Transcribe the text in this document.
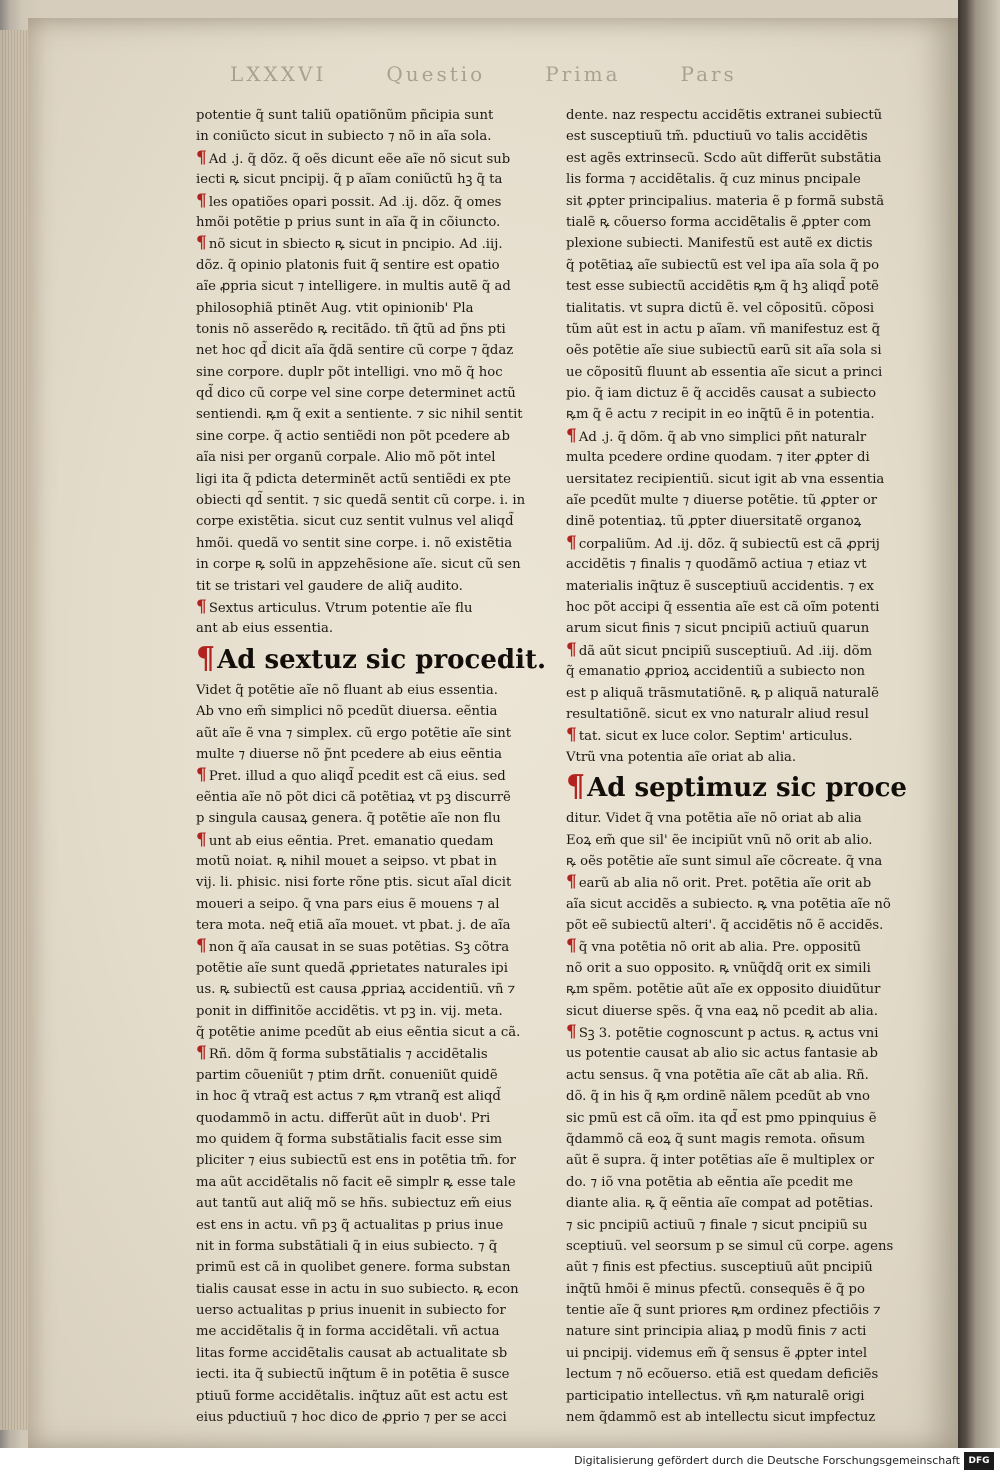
LXXXVI	Questio	Prima	Pars
potentie q̃ sunt taliũ opatiõnũm pñcipia sunt
in coniũcto sicut in subiecto ⁊ nõ in aĩa sola.
¶ Ad .j. q̃ dõz. q̃ oẽs dicunt eẽe aĩe nõ sicut sub
iecti ꝶ sicut pncipij. q̃ p aĩam coniũctũ hꝫ q̃ ta
¶ les opatiões opari possit. Ad .ij. dõz. q̃ omes
hmõi potẽtie p prius sunt in aĩa q̃ in cõiuncto.
¶ nõ sicut in sbiecto ꝶ sicut in pncipio. Ad .iij.
dõz. q̃ opinio platonis fuit q̃ sentire est opatio
aĩe ꝓpria sicut ⁊ intelligere. in multis autẽ q̃ ad
philosophiã ptinẽt Aug. vtit opinionib' Pla
tonis nõ asserẽdo ꝶ recitãdo. tñ q̃tũ ad p̃ns pti
net hoc qd̃ dicit aĩa q̃dã sentire cũ corpe ⁊ q̃daz
sine corpore. duplr põt intelligi. vno mõ q̃ hoc
qd̃ dico cũ corpe vel sine corpe determinet actũ
sentiendi. ꝶm q̃ exit a sentiente. ⁊ sic nihil sentit
sine corpe. q̃ actio sentiẽdi non põt pcedere ab
aĩa nisi per organũ corpale. Alio mõ põt intel
ligi ita q̃ pdicta determinẽt actũ sentiẽdi ex pte
obiecti qd̃ sentit. ⁊ sic quedã sentit cũ corpe. i. in
corpe existẽtia. sicut cuz sentit vulnus vel aliqd̃
hmõi. quedã vo sentit sine corpe. i. nõ existẽtia
in corpe ꝶ solũ in appzehẽsione aĩe. sicut cũ sen
tit se tristari vel gaudere de aliq̃ audito.
¶ Sextus articulus. Vtrum potentie aĩe flu
ant ab eius essentia.
¶Ad sextuz sic procedit.
Videt q̃ potẽtie aĩe nõ fluant ab eius essentia.
Ab vno em̃ simplici nõ pcedũt diuersa. eẽntia
aũt aĩe ẽ vna ⁊ simplex. cũ ergo potẽtie aĩe sint
multe ⁊ diuerse nõ p̃nt pcedere ab eius eẽntia
¶ Pret. illud a quo aliqd̃ pcedit est cã eius. sed
eẽntia aĩe nõ põt dici cã potẽtiaꝝ vt pꝫ discurrẽ
p singula causaꝝ genera. q̃ potẽtie aĩe non flu
¶ unt ab eius eẽntia. Pret. emanatio quedam
motũ noiat. ꝶ nihil mouet a seipso. vt pbat in
vij. li. phisic. nisi forte rõne ptis. sicut aĩal dicit
moueri a seipo. q̃ vna pars eius ẽ mouens ⁊ al
tera mota. neq̃ etiã aĩa mouet. vt pbat. j. de aĩa
¶ non q̃ aĩa causat in se suas potẽtias. Sꝫ cõtra
potẽtie aĩe sunt quedã ꝓprietates naturales ipi
us. ꝶ subiectũ est causa ꝓpriaꝝ accidentiũ. vñ ⁊
ponit in diffinitõe accidẽtis. vt pꝫ in. vij. meta.
q̃ potẽtie anime pcedũt ab eius eẽntia sicut a cã.
¶ Rñ. dõm q̃ forma substãtialis ⁊ accidẽtalis
partim cõueniũt ⁊ ptim drñt. conueniũt quidẽ
in hoc q̃ vtraq̃ est actus ⁊ ꝶm vtranq̃ est aliqd̃
quodammõ in actu. differũt aũt in duob'. Pri
mo quidem q̃ forma substãtialis facit esse sim
pliciter ⁊ eius subiectũ est ens in potẽtia tm̃. for
ma aũt accidẽtalis nõ facit eẽ simplr ꝶ esse tale
aut tantũ aut aliq̃ mõ se hñs. subiectuz em̃ eius
est ens in actu. vñ pꝫ q̃ actualitas p prius inue
nit in forma substãtiali q̃ in eius subiecto. ⁊ q̃
primũ est cã in quolibet genere. forma substan
tialis causat esse in actu in suo subiecto. ꝶ econ
uerso actualitas p prius inuenit in subiecto for
me accidẽtalis q̃ in forma accidẽtali. vñ actua
litas forme accidẽtalis causat ab actualitate sb
iecti. ita q̃ subiectũ inq̃tum ẽ in potẽtia ẽ susce
ptiuũ forme accidẽtalis. inq̃tuz aũt est actu est
eius pductiuũ ⁊ hoc dico de ꝓprio ⁊ per se acci
dente. naz respectu accidẽtis extranei subiectũ
est susceptiuũ tm̃. pductiuũ vo talis accidẽtis
est agẽs extrinsecũ. Scdo aũt differũt substãtia
lis forma ⁊ accidẽtalis. q̃ cuz minus pncipale
sit ꝓpter principalius. materia ẽ p formã substã
tialẽ ꝶ cõuerso forma accidẽtalis ẽ ꝓpter com
plexione subiecti. Manifestũ est autẽ ex dictis
q̃ potẽtiaꝝ aĩe subiectũ est vel ipa aĩa sola q̃ po
test esse subiectũ accidẽtis ꝶm q̃ hꝫ aliqd̃ potẽ
tialitatis. vt supra dictũ ẽ. vel cõpositũ. cõposi
tũm aũt est in actu p aĩam. vñ manifestuz est q̃
oẽs potẽtie aĩe siue subiectũ earũ sit aĩa sola si
ue cõpositũ fluunt ab essentia aĩe sicut a princi
pio. q̃ iam dictuz ẽ q̃ accidẽs causat a subiecto
ꝶm q̃ ẽ actu ⁊ recipit in eo inq̃tũ ẽ in potentia.
¶ Ad .j. q̃ dõm. q̃ ab vno simplici pñt naturalr
multa pcedere ordine quodam. ⁊ iter ꝓpter di
uersitatez recipientiũ. sicut igit ab vna essentia
aĩe pcedũt multe ⁊ diuerse potẽtie. tũ ꝓpter or
dinẽ potentiaꝝ. tũ ꝓpter diuersitatẽ organoꝝ
¶ corpaliũm. Ad .ij. dõz. q̃ subiectũ est cã ꝓprij
accidẽtis ⁊ finalis ⁊ quodãmõ actiua ⁊ etiaz vt
materialis inq̃tuz ẽ susceptiuũ accidentis. ⁊ ex
hoc põt accipi q̃ essentia aĩe est cã oĩm potenti
arum sicut finis ⁊ sicut pncipiũ actiuũ quarun
¶ dã aũt sicut pncipiũ susceptiuũ. Ad .iij. dõm
q̃ emanatio ꝓprioꝝ accidentiũ a subiecto non
est p aliquã trãsmutatiõnẽ. ꝶ p aliquã naturalẽ
resultatiõnẽ. sicut ex vno naturalr aliud resul
¶ tat. sicut ex luce color. Septim' articulus.
Vtrũ vna potentia aĩe oriat ab alia.
¶Ad septimuz sic proce
ditur. Videt q̃ vna potẽtia aĩe nõ oriat ab alia
Eoꝝ em̃ que sil' ẽe incipiũt vnũ nõ orit ab alio.
ꝶ oẽs potẽtie aĩe sunt simul aĩe cõcreate. q̃ vna
¶ earũ ab alia nõ orit. Pret. potẽtia aĩe orit ab
aĩa sicut accidẽs a subiecto. ꝶ vna potẽtia aĩe nõ
põt eẽ subiectũ alteri'. q̃ accidẽtis nõ ẽ accidẽs.
¶ q̃ vna potẽtia nõ orit ab alia. Pre. oppositũ
nõ orit a suo opposito. ꝶ vnũq̃dq̃ orit ex simili
ꝶm spẽm. potẽtie aũt aĩe ex opposito diuidũtur
sicut diuerse spẽs. q̃ vna eaꝝ nõ pcedit ab alia.
¶ Sꝫ 3. potẽtie cognoscunt p actus. ꝶ actus vni
us potentie causat ab alio sic actus fantasie ab
actu sensus. q̃ vna potẽtia aĩe cãt ab alia. Rñ.
dõ. q̃ in his q̃ ꝶm ordinẽ nãlem pcedũt ab vno
sic pmũ est cã oĩm. ita qd̃ est pmo ppinquius ẽ
q̃dammõ cã eoꝝ q̃ sunt magis remota. oñsum
aũt ẽ supra. q̃ inter potẽtias aĩe ẽ multiplex or
do. ⁊ iõ vna potẽtia ab eẽntia aĩe pcedit me
diante alia. ꝶ q̃ eẽntia aĩe compat ad potẽtias.
⁊ sic pncipiũ actiuũ ⁊ finale ⁊ sicut pncipiũ su
sceptiuũ. vel seorsum p se simul cũ corpe. agens
aũt ⁊ finis est pfectius. susceptiuũ aũt pncipiũ
inq̃tũ hmõi ẽ minus pfectũ. consequẽs ẽ q̃ po
tentie aĩe q̃ sunt priores ꝶm ordinez pfectiõis ⁊
nature sint principia aliaꝝ p modũ finis ⁊ acti
ui pncipij. videmus em̃ q̃ sensus ẽ ꝓpter intel
lectum ⁊ nõ ecõuerso. etiã est quedam deficiẽs
participatio intellectus. vñ ꝶm naturalẽ origi
nem q̃dammõ est ab intellectu sicut impfectuz
Digitalisierung gefördert durch die Deutsche Forschungsgemeinschaft DFG
